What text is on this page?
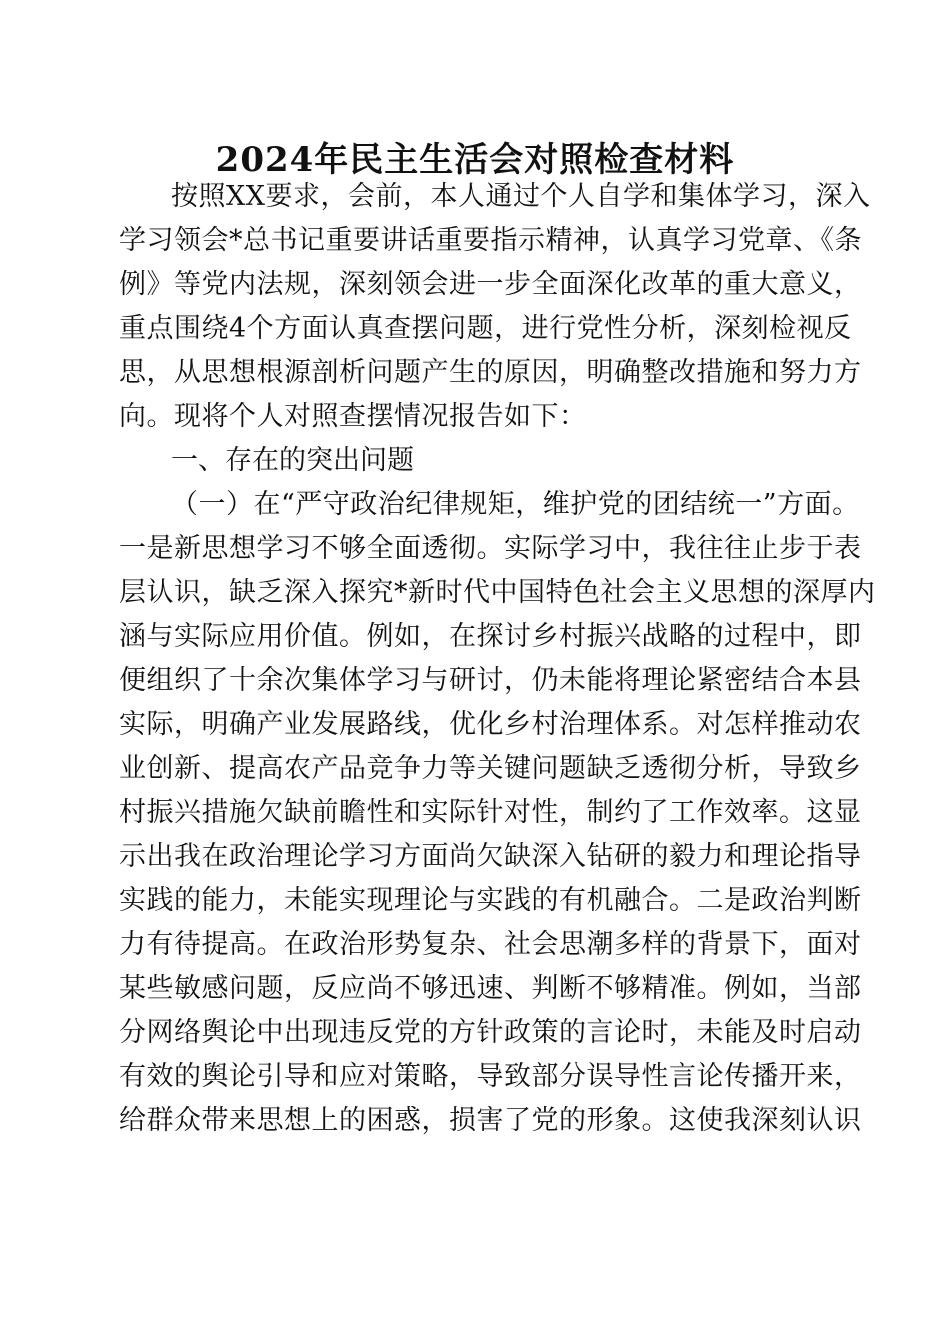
2024年民主生活会对照检查材料
按照XX要求，会前，本人通过个人自学和集体学习，深入
学习领会*总书记重要讲话重要指示精神，认真学习党章、《条
例》等党内法规，深刻领会进一步全面深化改革的重大意义，
重点围绕4个方面认真查摆问题，进行党性分析，深刻检视反
思，从思想根源剖析问题产生的原因，明确整改措施和努力方
向。现将个人对照查摆情况报告如下：
一、存在的突出问题
（一）在“严守政治纪律规矩，维护党的团结统一”方面。
一是新思想学习不够全面透彻。实际学习中，我往往止步于表
层认识，缺乏深入探究*新时代中国特色社会主义思想的深厚内
涵与实际应用价值。例如，在探讨乡村振兴战略的过程中，即
便组织了十余次集体学习与研讨，仍未能将理论紧密结合本县
实际，明确产业发展路线，优化乡村治理体系。对怎样推动农
业创新、提高农产品竞争力等关键问题缺乏透彻分析，导致乡
村振兴措施欠缺前瞻性和实际针对性，制约了工作效率。这显
示出我在政治理论学习方面尚欠缺深入钻研的毅力和理论指导
实践的能力，未能实现理论与实践的有机融合。二是政治判断
力有待提高。在政治形势复杂、社会思潮多样的背景下，面对
某些敏感问题，反应尚不够迅速、判断不够精准。例如，当部
分网络舆论中出现违反党的方针政策的言论时，未能及时启动
有效的舆论引导和应对策略，导致部分误导性言论传播开来，
给群众带来思想上的困惑，损害了党的形象。这使我深刻认识
